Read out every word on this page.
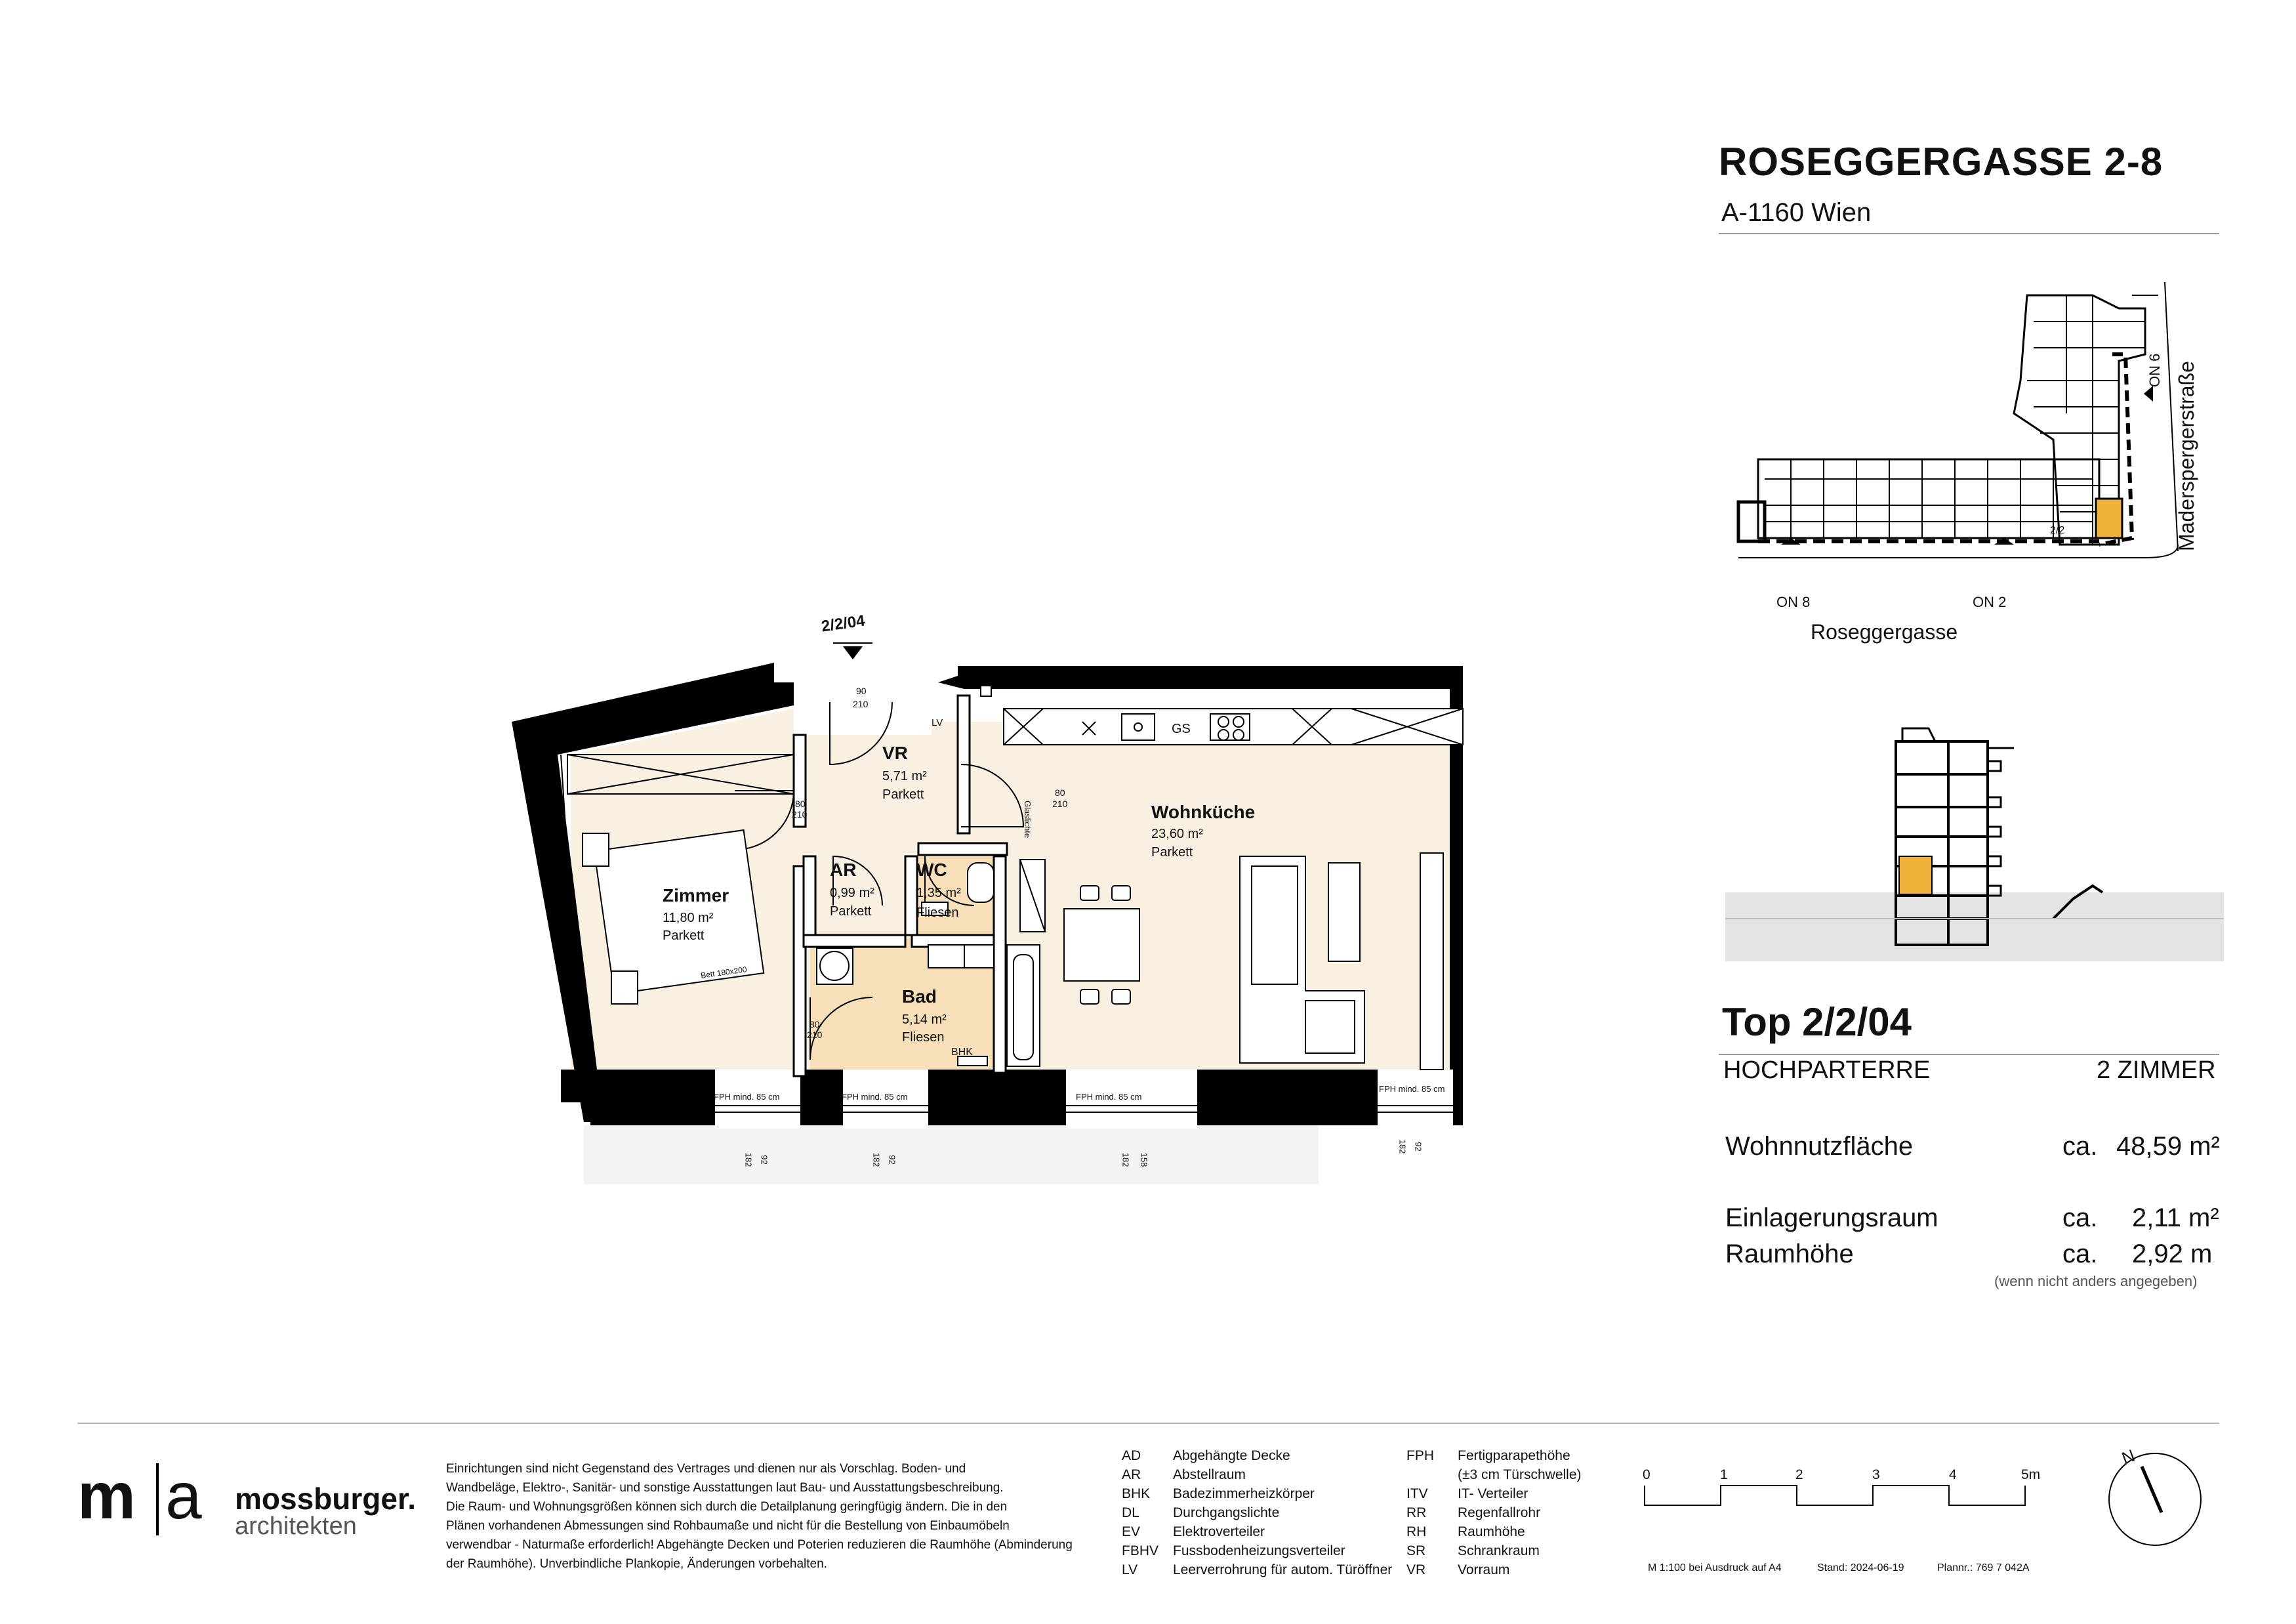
ROSEGGERGASSE 2-8
A-1160 Wien
ON 8	ON 2
ON 6
2/2
Roseggergasse
Maderspergerstraße
Top 2/2/04
HOCHPARTERRE	2 ZIMMER
Wohnnutzfläche	ca. 48,59 m²
Einlagerungsraum	ca. 2,11 m²
Raumhöhe	ca. 2,92 m
(wenn nicht anders angegeben)
2/2/04
VR
5,71 m²
Parkett
Wohnküche
23,60 m²
Parkett
Zimmer
11,80 m²
Parkett
AR
0,99 m²
Parkett
WC
1,35 m²
Fliesen
Bad
5,14 m²
Fliesen
LV	GS
BHK
Bett 180x200
Glaslichte
80
210
80
210
80
210
90
210
FPH mind. 85 cm	FPH mind. 85 cm	FPH mind. 85 cm
FPH mind. 85 cm
92
182	92
182	158
182
92
182
m a mossburger.
architekten
Einrichtungen sind nicht Gegenstand des Vertrages und dienen nur als Vorschlag. Boden- und
Wandbeläge, Elektro-, Sanitär- und sonstige Ausstattungen laut Bau- und Ausstattungsbeschreibung.
Die Raum- und Wohnungsgrößen können sich durch die Detailplanung geringfügig ändern. Die in den
Plänen vorhandenen Abmessungen sind Rohbaumaße und nicht für die Bestellung von Einbaumöbeln
verwendbar - Naturmaße erforderlich! Abgehängte Decken und Poterien reduzieren die Raumhöhe (Abminderung
der Raumhöhe). Unverbindliche Plankopie, Änderungen vorbehalten.
AD Abgehängte Decke
AR Abstellraum
BHK Badezimmerheizkörper
DL Durchgangslichte
EV Elektroverteiler
FBHV Fussbodenheizungsverteiler
LV	Leerverrohrung für autom. Türöffner
FPH Fertigparapethöhe
(±3 cm Türschwelle)
ITV IT- Verteiler
RR Regenfallrohr
RH Raumhöhe
SR Schrankraum
VR Vorraum
0	1	2	3	4	5m
M 1:100 bei Ausdruck auf A4	Stand: 2024-06-19	Plannr.: 769 7 042A
N
